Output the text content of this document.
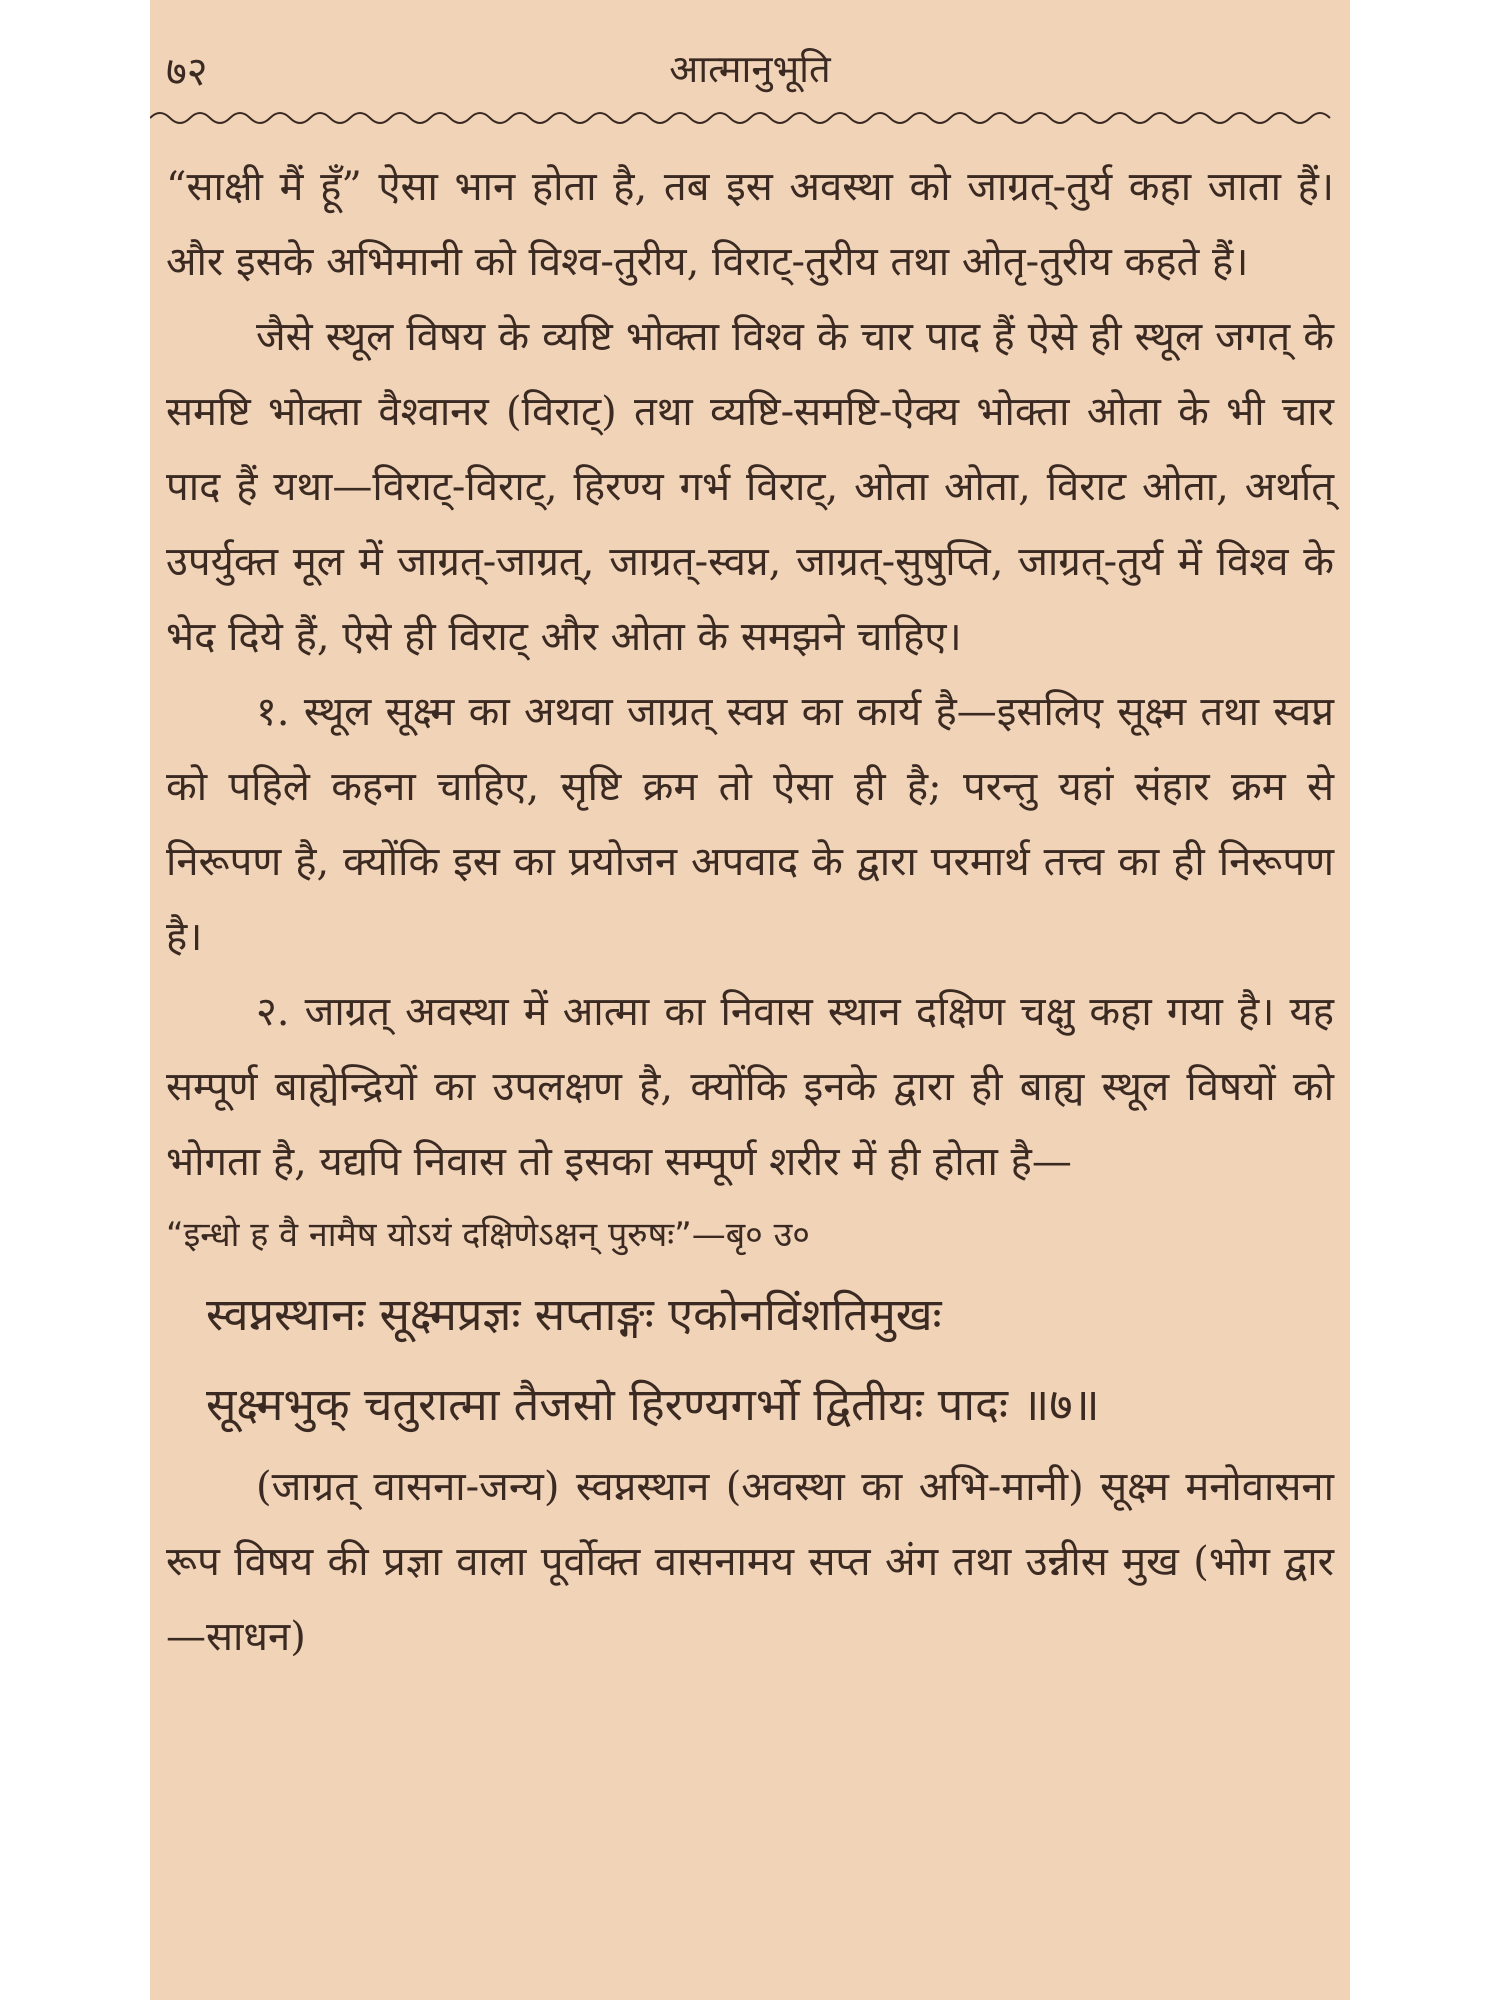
७२	आत्मानुभूति

“साक्षी मैं हूँ” ऐसा भान होता है, तब इस अवस्था को जाग्रत्-तुर्य कहा जाता हैं। और इसके अभिमानी को विश्व-तुरीय, विराट्-तुरीय तथा ओतृ-तुरीय कहते हैं।

जैसे स्थूल विषय के व्यष्टि भोक्ता विश्व के चार पाद हैं ऐसे ही स्थूल जगत् के समष्टि भोक्ता वैश्वानर (विराट्) तथा व्यष्टि-समष्टि-ऐक्य भोक्ता ओता के भी चार पाद हैं यथा—विराट्-विराट्, हिरण्य गर्भ विराट्, ओता ओता, विराट ओता, अर्थात् उपर्युक्त मूल में जाग्रत्-जाग्रत्, जाग्रत्-स्वप्न, जाग्रत्-सुषुप्ति, जाग्रत्-तुर्य में विश्व के भेद दिये हैं, ऐसे ही विराट् और ओता के समझने चाहिए।

१. स्थूल सूक्ष्म का अथवा जाग्रत् स्वप्न का कार्य है—इसलिए सूक्ष्म तथा स्वप्न को पहिले कहना चाहिए, सृष्टि क्रम तो ऐसा ही है; परन्तु यहां संहार क्रम से निरूपण है, क्योंकि इस का प्रयोजन अपवाद के द्वारा परमार्थ तत्त्व का ही निरूपण है।

२. जाग्रत् अवस्था में आत्मा का निवास स्थान दक्षिण चक्षु कहा गया है। यह सम्पूर्ण बाह्येन्द्रियों का उपलक्षण है, क्योंकि इनके द्वारा ही बाह्य स्थूल विषयों को भोगता है, यद्यपि निवास तो इसका सम्पूर्ण शरीर में ही होता है—

“इन्धो ह वै नामैष योऽयं दक्षिणेऽक्षन् पुरुषः”—बृ० उ०

स्वप्नस्थानः सूक्ष्मप्रज्ञः सप्ताङ्गः एकोनविंशतिमुखः

सूक्ष्मभुक् चतुरात्मा तैजसो हिरण्यगर्भो द्वितीयः पादः ॥७॥

(जाग्रत् वासना-जन्य) स्वप्नस्थान (अवस्था का अभि-मानी) सूक्ष्म मनोवासना रूप विषय की प्रज्ञा वाला पूर्वोक्त वासनामय सप्त अंग तथा उन्नीस मुख (भोग द्वार—साधन)
